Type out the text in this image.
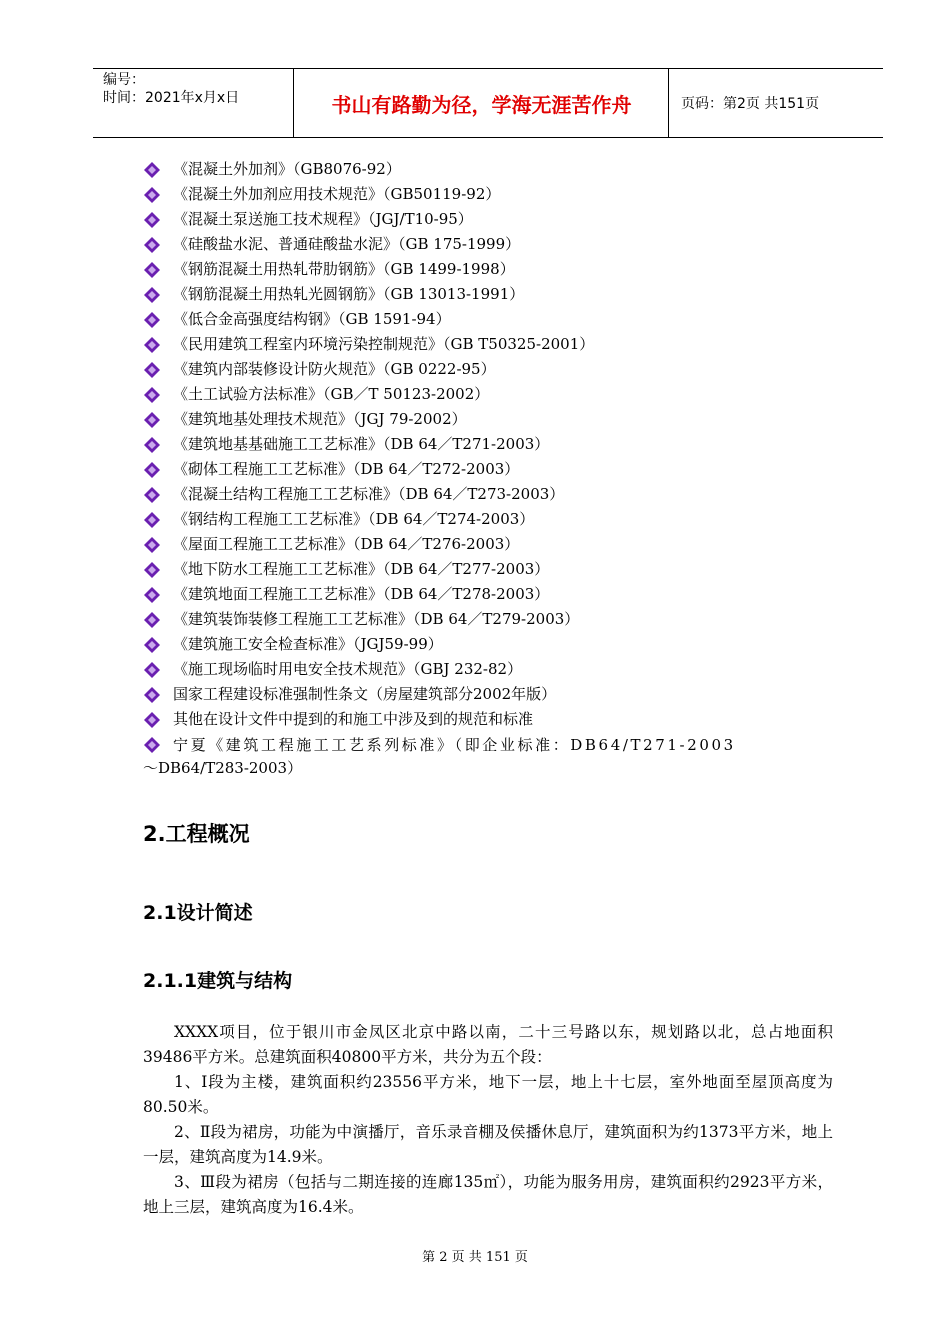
编号：
时间：2021年x月x日	书山有路勤为径，学海无涯苦作舟	页码：第2页 共151页
《混凝土外加剂》（GB8076-92）
《混凝土外加剂应用技术规范》（GB50119-92）
《混凝土泵送施工技术规程》（JGJ/T10-95）
《硅酸盐水泥、普通硅酸盐水泥》（GB 175-1999）
《钢筋混凝土用热轧带肋钢筋》（GB 1499-1998）
《钢筋混凝土用热轧光圆钢筋》（GB 13013-1991）
《低合金高强度结构钢》（GB 1591-94）
《民用建筑工程室内环境污染控制规范》（GB T50325-2001）
《建筑内部装修设计防火规范》（GB 0222-95）
《土工试验方法标准》（GB／T 50123-2002）
《建筑地基处理技术规范》（JGJ 79-2002）
《建筑地基基础施工工艺标准》（DB 64／T271-2003）
《砌体工程施工工艺标准》（DB 64／T272-2003）
《混凝土结构工程施工工艺标准》（DB 64／T273-2003）
《钢结构工程施工工艺标准》（DB 64／T274-2003）
《屋面工程施工工艺标准》（DB 64／T276-2003）
《地下防水工程施工工艺标准》（DB 64／T277-2003）
《建筑地面工程施工工艺标准》（DB 64／T278-2003）
《建筑装饰装修工程施工工艺标准》（DB 64／T279-2003）
《建筑施工安全检查标准》（JGJ59-99）
《施工现场临时用电安全技术规范》（GBJ 232-82）
国家工程建设标准强制性条文（房屋建筑部分2002年版）
其他在设计文件中提到的和施工中涉及到的规范和标准
宁夏《建筑工程施工工艺系列标准》（即企业标准：DB64/T271-2003
～DB64/T283-2003）
2.工程概况
2.1设计简述
2.1.1建筑与结构

XXXX项目，位于银川市金凤区北京中路以南，二十三号路以东，规划路以北，总占地面积39486平方米。总建筑面积40800平方米，共分为五个段：

1、Ⅰ段为主楼，建筑面积约23556平方米，地下一层，地上十七层，室外地面至屋顶高度为80.50米。

2、Ⅱ段为裙房，功能为中演播厅，音乐录音棚及侯播休息厅，建筑面积为约1373平方米，地上一层，建筑高度为14.9米。

3、Ⅲ段为裙房（包括与二期连接的连廊135㎡），功能为服务用房，建筑面积约2923平方米，地上三层，建筑高度为16.4米。

第 2 页 共 151 页
